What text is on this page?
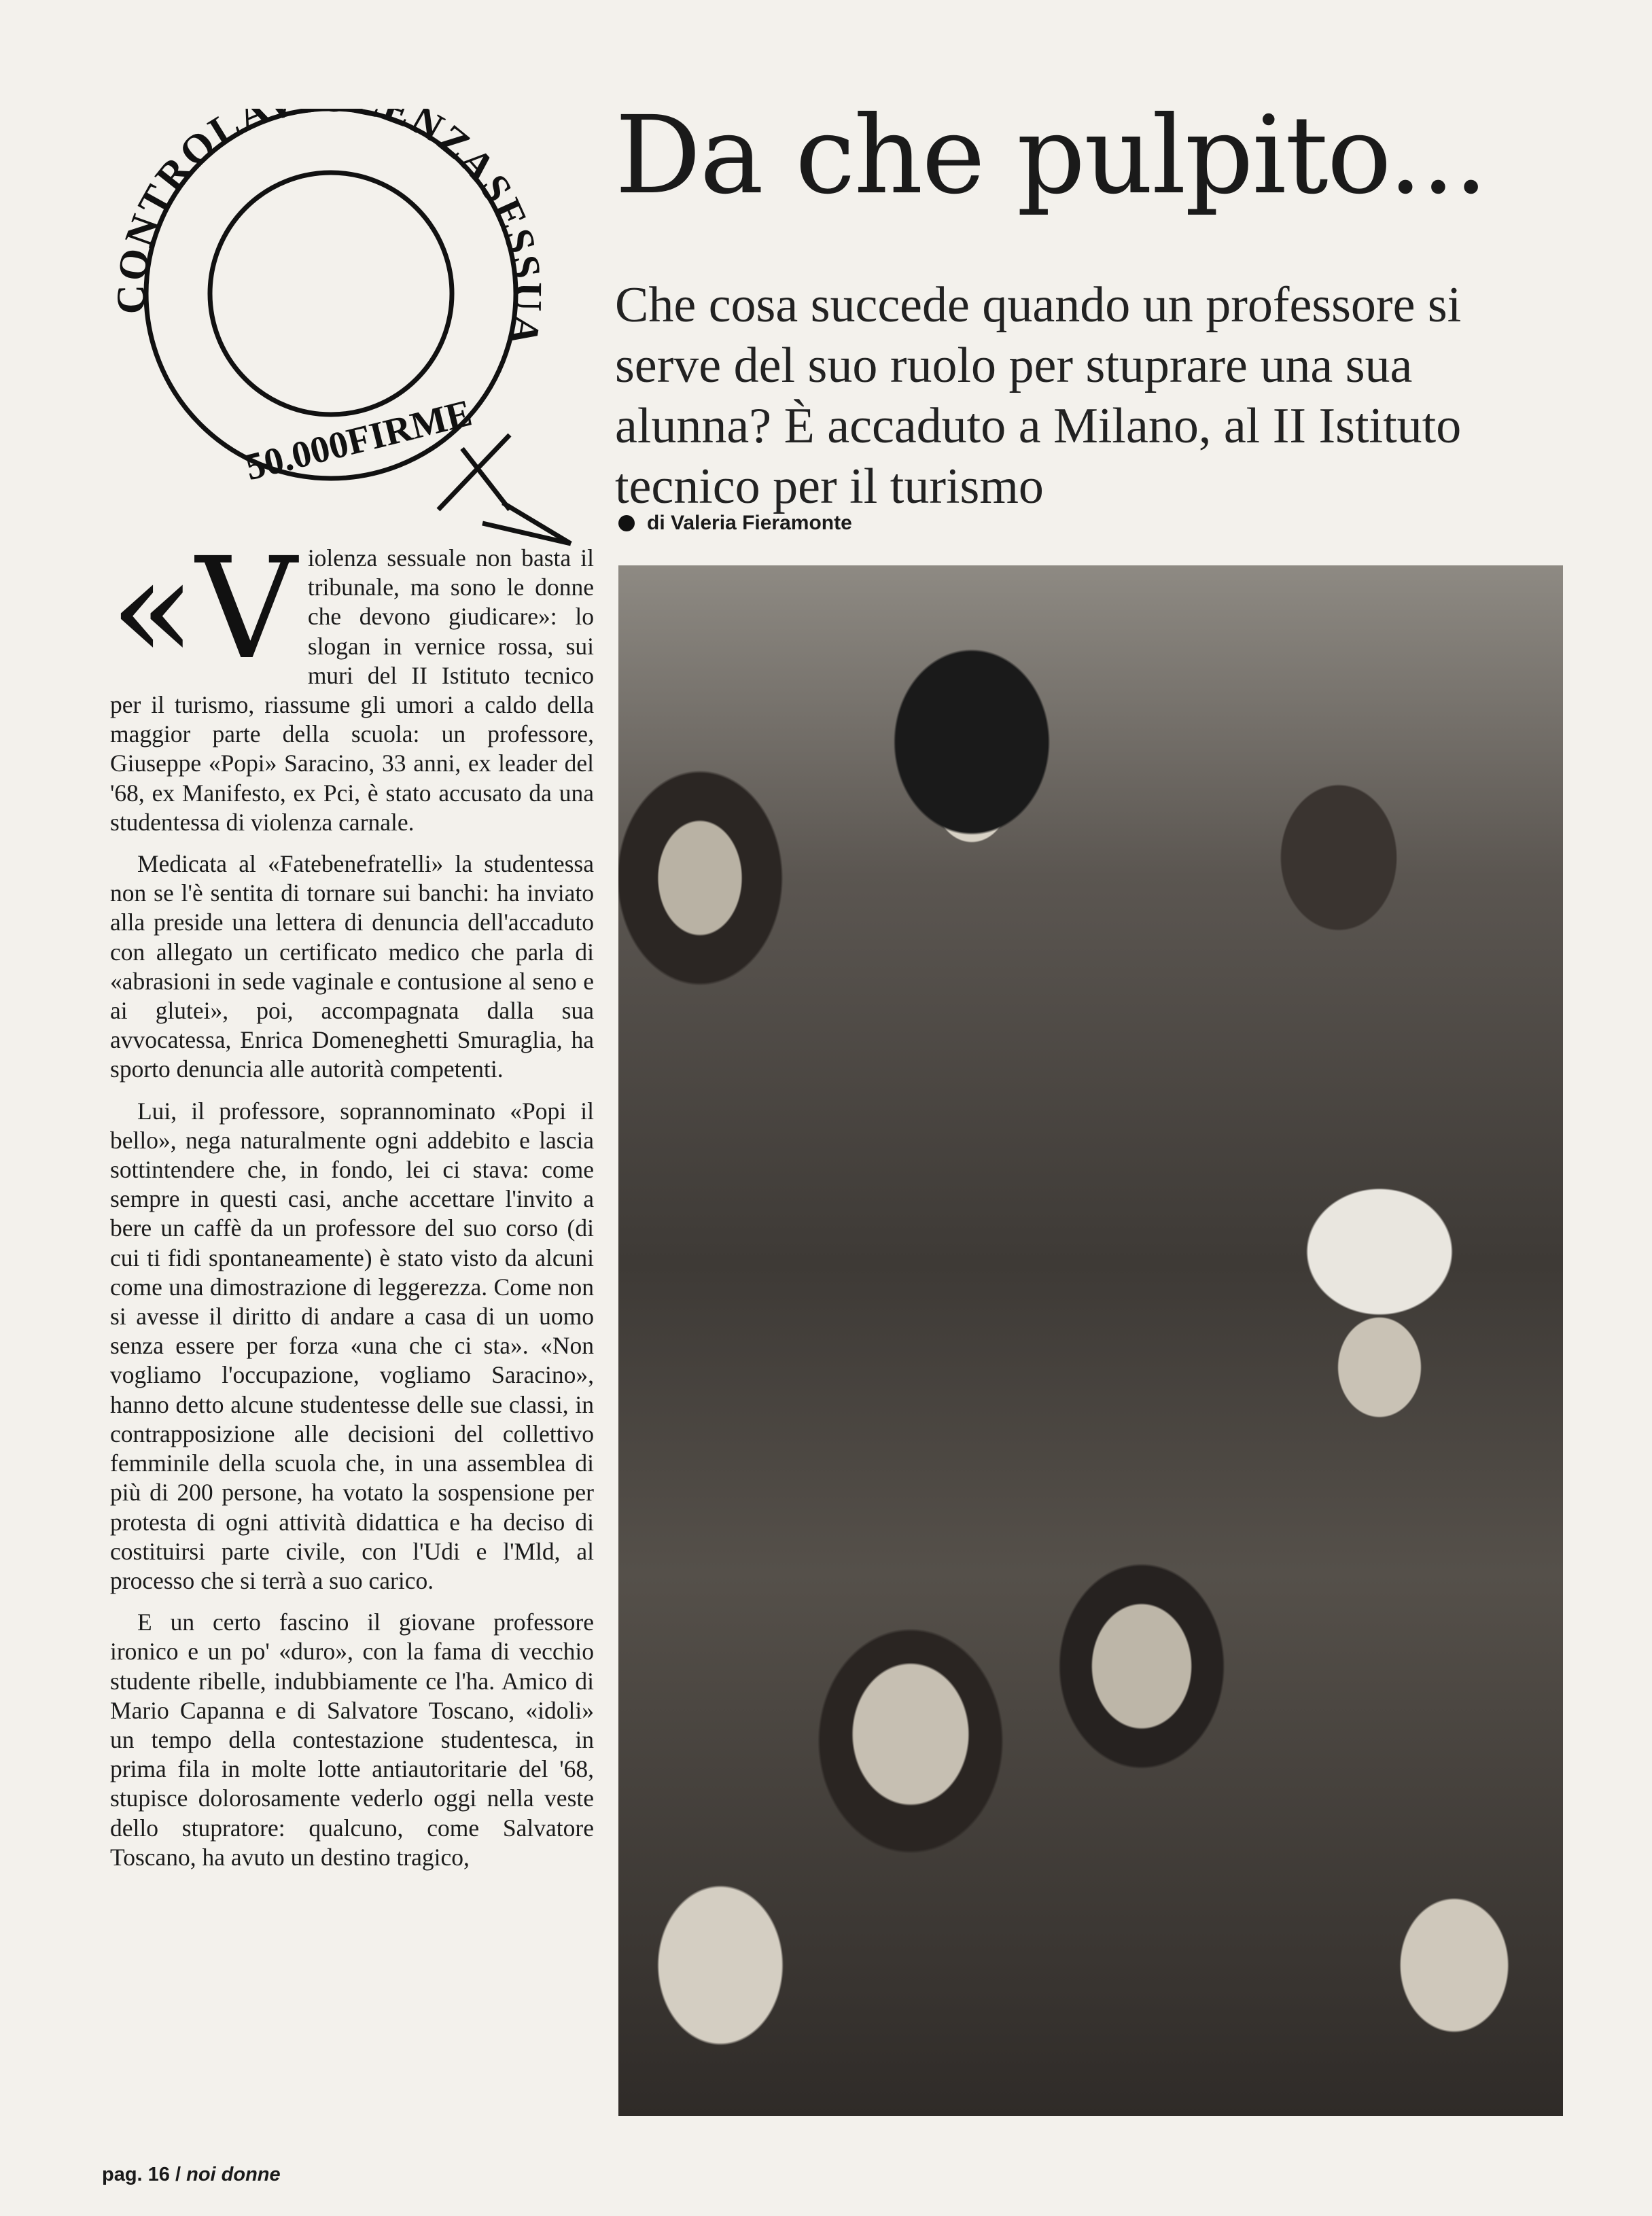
CONTROLA ENZASESSUA
50.000FIRME
Da che pulpito...

Che cosa succede quando un professore si serve del suo ruolo per stuprare una sua alunna? È accaduto a Milano, al II Istituto tecnico per il turismo

di Valeria Fieramonte

«Violenza sessuale non basta il tribunale, ma sono le donne che devono giudicare»: lo slogan in vernice rossa, sui muri del II Istituto tecnico per il turismo, riassume gli umori a caldo della maggior parte della scuola: un professore, Giuseppe «Popi» Saracino, 33 anni, ex leader del '68, ex Manifesto, ex Pci, è stato accusato da una studentessa di violenza carnale.

Medicata al «Fatebenefratelli» la studentessa non se l'è sentita di tornare sui banchi: ha inviato alla preside una lettera di denuncia dell'accaduto con allegato un certificato medico che parla di «abrasioni in sede vaginale e contusione al seno e ai glutei», poi, accompagnata dalla sua avvocatessa, Enrica Domeneghetti Smuraglia, ha sporto denuncia alle autorità competenti.

Lui, il professore, soprannominato «Popi il bello», nega naturalmente ogni addebito e lascia sottintendere che, in fondo, lei ci stava: come sempre in questi casi, anche accettare l'invito a bere un caffè da un professore del suo corso (di cui ti fidi spontaneamente) è stato visto da alcuni come una dimostrazione di leggerezza. Come non si avesse il diritto di andare a casa di un uomo senza essere per forza «una che ci sta». «Non vogliamo l'occupazione, vogliamo Saracino», hanno detto alcune studentesse delle sue classi, in contrapposizione alle decisioni del collettivo femminile della scuola che, in una assemblea di più di 200 persone, ha votato la sospensione per protesta di ogni attività didattica e ha deciso di costituirsi parte civile, con l'Udi e l'Mld, al processo che si terrà a suo carico.

E un certo fascino il giovane professore ironico e un po' «duro», con la fama di vecchio studente ribelle, indubbiamente ce l'ha. Amico di Mario Capanna e di Salvatore Toscano, «idoli» un tempo della contestazione studentesca, in prima fila in molte lotte antiautoritarie del '68, stupisce dolorosamente vederlo oggi nella veste dello stupratore: qualcuno, come Salvatore Toscano, ha avuto un destino tragico,

pag. 16 / noi donne
